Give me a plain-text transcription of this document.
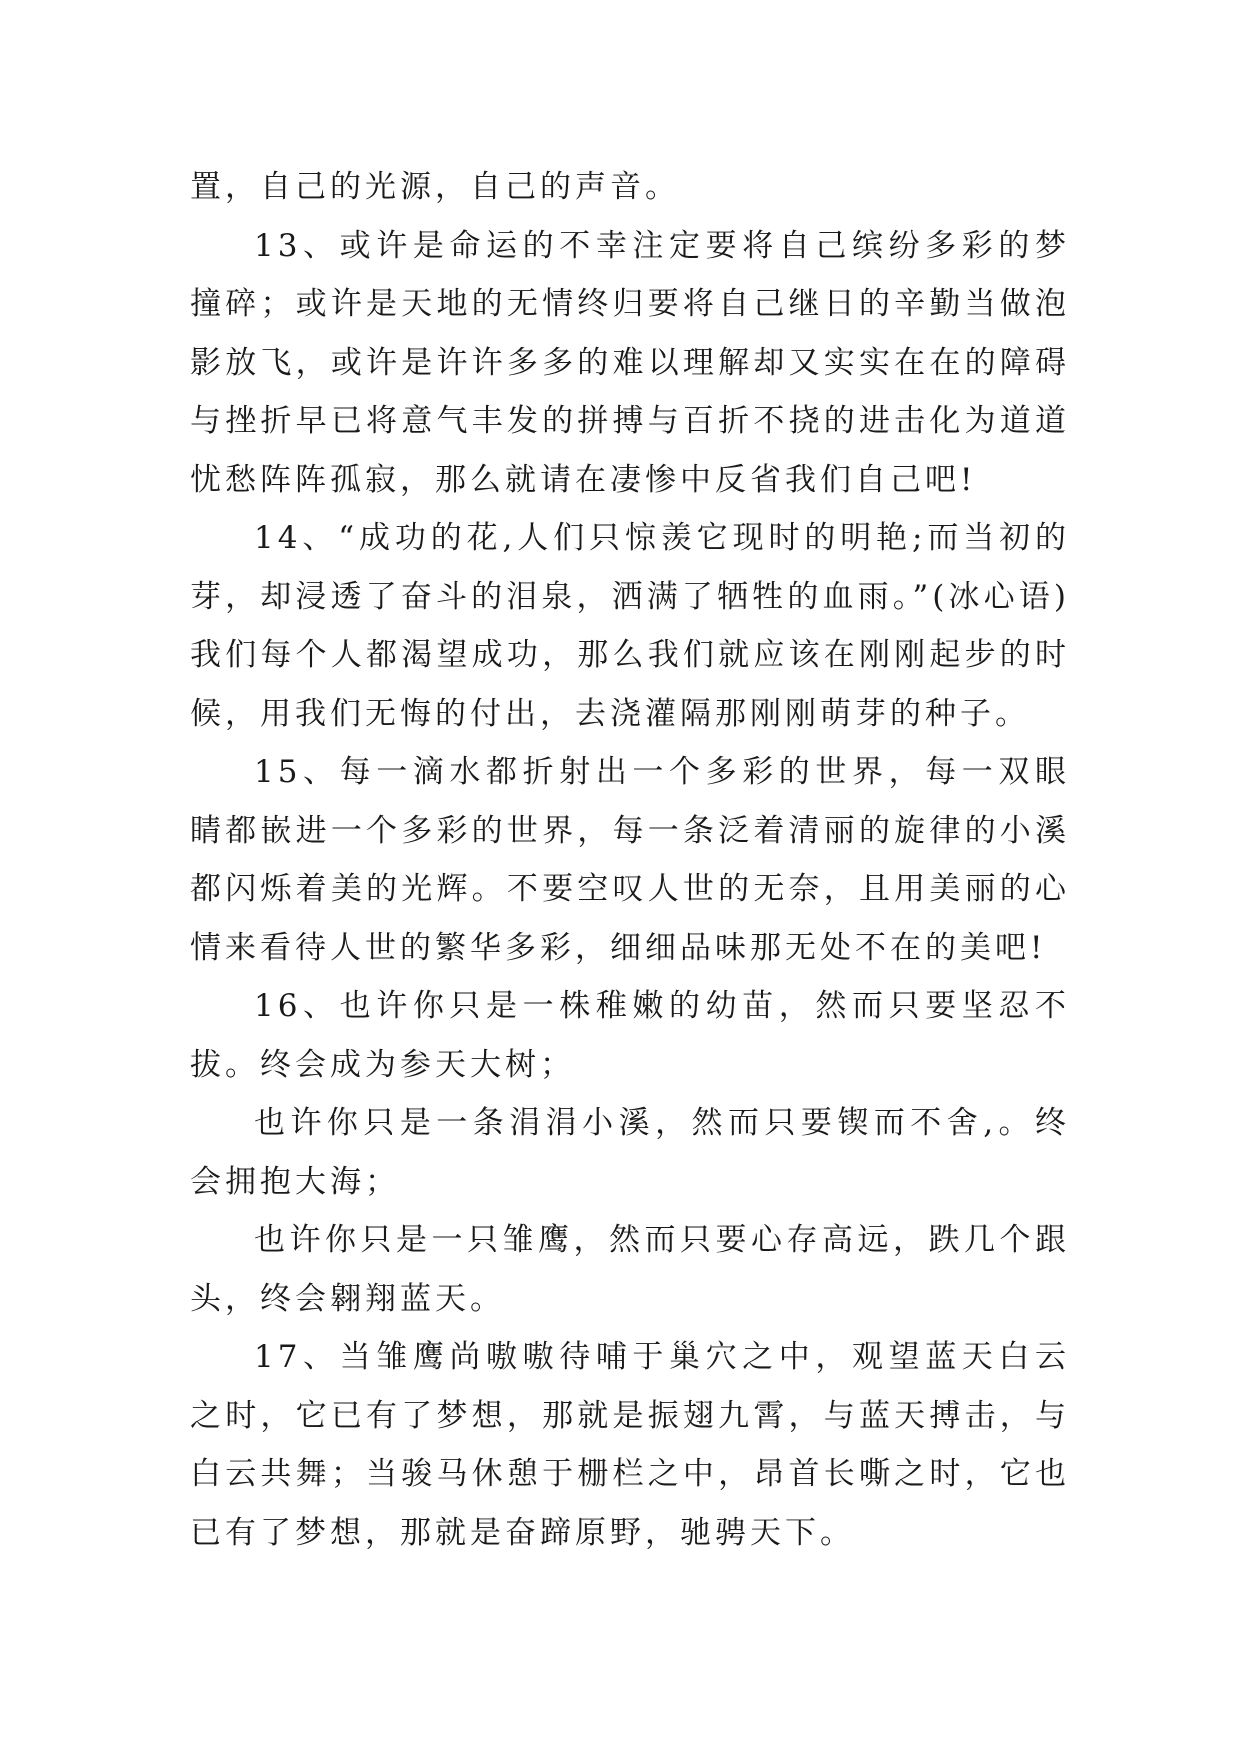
置，自己的光源，自己的声音。

13、或许是命运的不幸注定要将自己缤纷多彩的梦撞碎；或许是天地的无情终归要将自己继日的辛勤当做泡影放飞，或许是许许多多的难以理解却又实实在在的障碍与挫折早已将意气丰发的拼搏与百折不挠的进击化为道道忧愁阵阵孤寂，那么就请在凄惨中反省我们自己吧!

14、“成功的花,人们只惊羡它现时的明艳;而当初的芽，却浸透了奋斗的泪泉，洒满了牺牲的血雨。”(冰心语)我们每个人都渴望成功，那么我们就应该在刚刚起步的时候，用我们无悔的付出，去浇灌隔那刚刚萌芽的种子。

15、每一滴水都折射出一个多彩的世界，每一双眼睛都嵌进一个多彩的世界，每一条泛着清丽的旋律的小溪都闪烁着美的光辉。不要空叹人世的无奈，且用美丽的心情来看待人世的繁华多彩，细细品味那无处不在的美吧!

16、也许你只是一株稚嫩的幼苗，然而只要坚忍不拔。终会成为参天大树；

也许你只是一条涓涓小溪，然而只要锲而不舍,。终会拥抱大海；

也许你只是一只雏鹰，然而只要心存高远，跌几个跟头，终会翱翔蓝天。

17、当雏鹰尚嗷嗷待哺于巢穴之中，观望蓝天白云之时，它已有了梦想，那就是振翅九霄，与蓝天搏击，与白云共舞；当骏马休憩于栅栏之中，昂首长嘶之时，它也已有了梦想，那就是奋蹄原野，驰骋天下。
